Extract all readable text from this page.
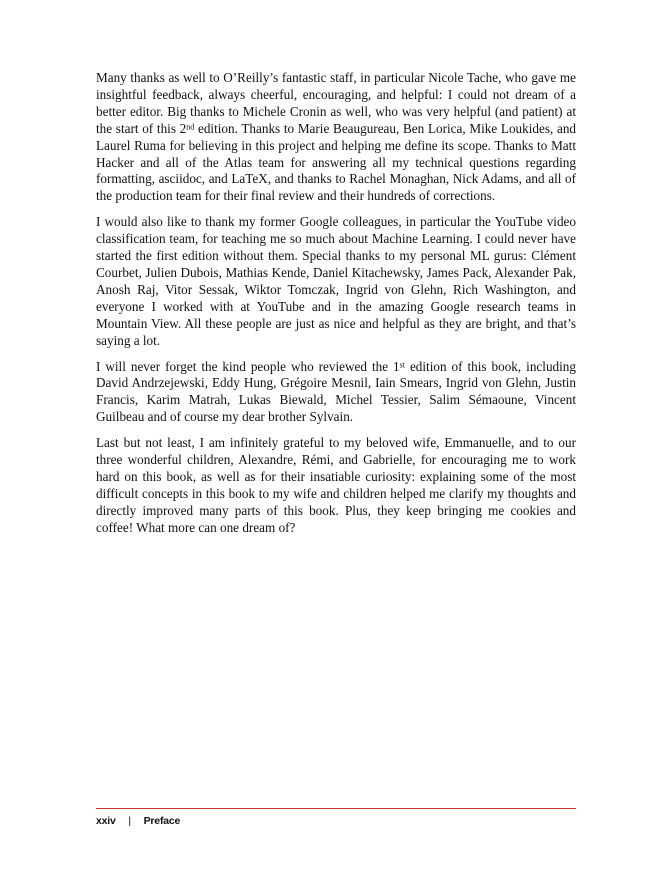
Many thanks as well to O’Reilly’s fantastic staff, in particular Nicole Tache, who gave me insightful feedback, always cheerful, encouraging, and helpful: I could not dream of a better editor. Big thanks to Michele Cronin as well, who was very helpful (and patient) at the start of this 2nd edition. Thanks to Marie Beaugureau, Ben Lorica, Mike Loukides, and Laurel Ruma for believing in this project and helping me define its scope. Thanks to Matt Hacker and all of the Atlas team for answering all my technical questions regarding formatting, asciidoc, and LaTeX, and thanks to Rachel Monaghan, Nick Adams, and all of the production team for their final review and their hundreds of corrections.

I would also like to thank my former Google colleagues, in particular the YouTube video classification team, for teaching me so much about Machine Learning. I could never have started the first edition without them. Special thanks to my personal ML gurus: Clément Courbet, Julien Dubois, Mathias Kende, Daniel Kitachewsky, James Pack, Alexander Pak, Anosh Raj, Vitor Sessak, Wiktor Tomczak, Ingrid von Glehn, Rich Washington, and everyone I worked with at YouTube and in the amazing Google research teams in Mountain View. All these people are just as nice and helpful as they are bright, and that’s saying a lot.

I will never forget the kind people who reviewed the 1st edition of this book, including David Andrzejewski, Eddy Hung, Grégoire Mesnil, Iain Smears, Ingrid von Glehn, Justin Francis, Karim Matrah, Lukas Biewald, Michel Tessier, Salim Sémaoune, Vincent Guilbeau and of course my dear brother Sylvain.

Last but not least, I am infinitely grateful to my beloved wife, Emmanuelle, and to our three wonderful children, Alexandre, Rémi, and Gabrielle, for encouraging me to work hard on this book, as well as for their insatiable curiosity: explaining some of the most difficult concepts in this book to my wife and children helped me clarify my thoughts and directly improved many parts of this book. Plus, they keep bringing me cookies and coffee! What more can one dream of?

xxiv | Preface
